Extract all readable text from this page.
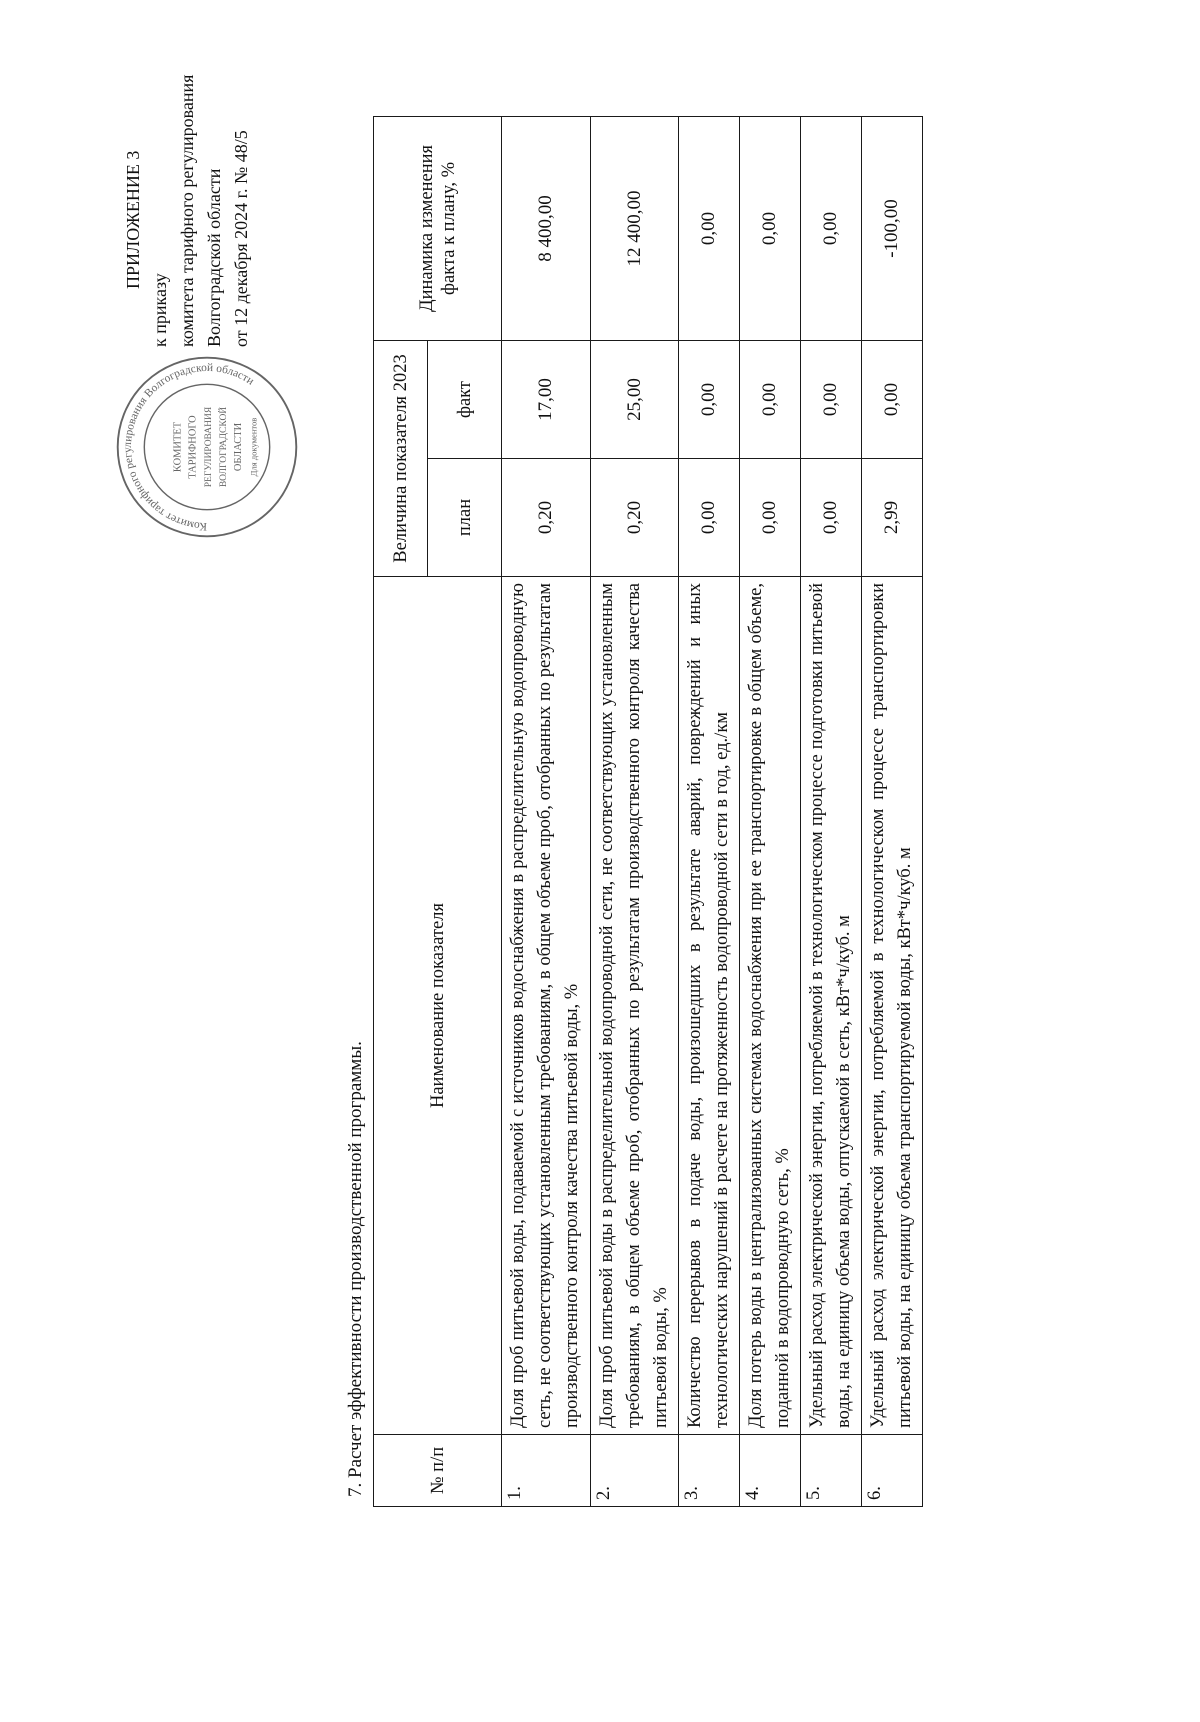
ПРИЛОЖЕНИЕ 3
к приказу комитета тарифного регулирования Волгоградской области от 12 декабря 2024 г. № 48/5
Комитет тарифного регулирования Волгоградской области
КОМИТЕТ ТАРИФНОГО РЕГУЛИРОВАНИЯ ВОЛГОГРАДСКОЙ ОБЛАСТИ Для документов
7. Расчет эффективности производственной программы.	№ п/п	Наименование показателя	Величина показателя 2023		Динамика изменения факта к плану, %
		план	факт	
1.	Доля проб питьевой воды, подаваемой с источников водоснабжения в распределительную водопроводную сеть, не соответствующих установленным требованиям, в общем объеме проб, отобранных по результатам производственного контроля качества питьевой воды, %	0,20	17,00	8 400,00
2.	Доля проб питьевой воды в распределительной водопроводной сети, не соответствующих установленным требованиям, в общем объеме проб, отобранных по результатам производственного контроля качества питьевой воды, %	0,20	25,00	12 400,00
3.	Количество перерывов в подаче воды, произошедших в результате аварий, повреждений и иных технологических нарушений в расчете на протяженность водопроводной сети в год, ед./км	0,00	0,00	0,00
4.	Доля потерь воды в централизованных системах водоснабжения при ее транспортировке в общем объеме, поданной в водопроводную сеть, %	0,00	0,00	0,00
5.	Удельный расход электрической энергии, потребляемой в технологическом процессе подготовки питьевой воды, на единицу объема воды, отпускаемой в сеть, кВт*ч/куб. м	0,00	0,00	0,00
6.	Удельный расход электрической энергии, потребляемой в технологическом процессе транспортировки питьевой воды, на единицу объема транспортируемой воды, кВт*ч/куб. м	2,99	0,00	-100,00
